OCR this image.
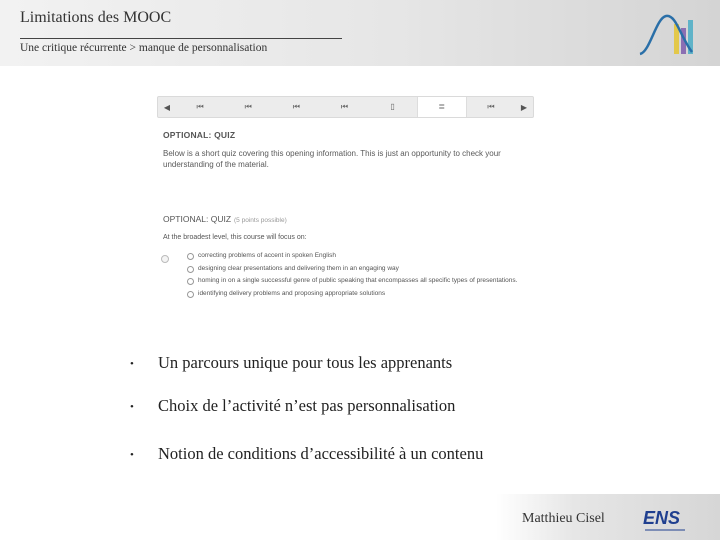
Limitations des MOOC
Une critique récurrente > manque de personnalisation
◀	⏮	⏮	⏮	⏮	▯	≣	⏮	▶
OPTIONAL: QUIZ
Below is a short quiz covering this opening information. This is just an opportunity to check your understanding of the material.
OPTIONAL: QUIZ (5 points possible)
At the broadest level, this course will focus on:
correcting problems of accent in spoken English
designing clear presentations and delivering them in an engaging way
homing in on a single successful genre of public speaking that encompasses all specific types of presentations.
identifying delivery problems and proposing appropriate solutions
• Un parcours unique pour tous les apprenants
• Choix de l’activité n’est pas personnalisation
• Notion de conditions d’accessibilité à un contenu
Matthieu Cisel ENS
